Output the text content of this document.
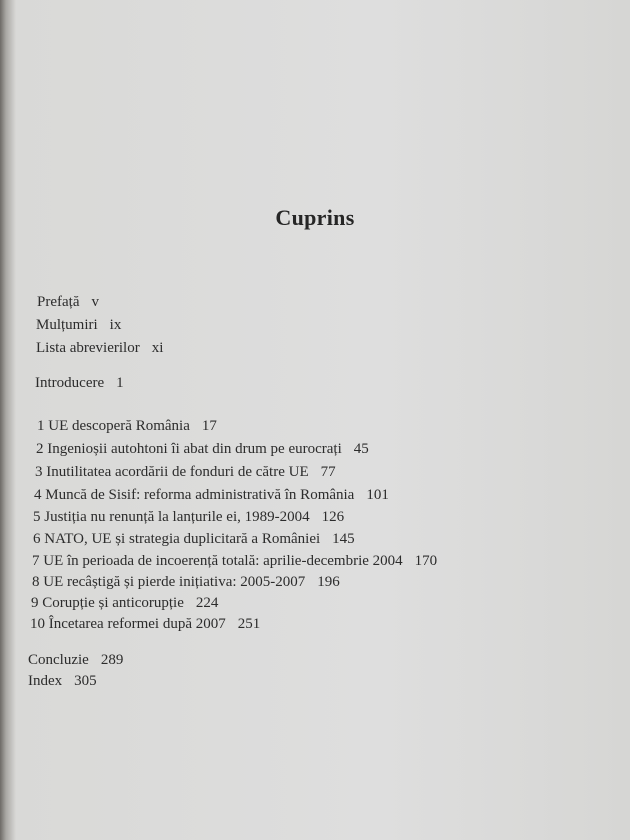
Cuprins
Prefață v
Mulțumiri ix
Lista abrevierilor xi
Introducere 1
1 UE descoperă România 17
2 Ingenioșii autohtoni îi abat din drum pe eurocrați 45
3 Inutilitatea acordării de fonduri de către UE 77
4 Muncă de Sisif: reforma administrativă în România 101
5 Justiția nu renunță la lanțurile ei, 1989-2004 126
6 NATO, UE și strategia duplicitară a României 145
7 UE în perioada de incoerență totală: aprilie-decembrie 2004 170
8 UE recâștigă și pierde inițiativa: 2005-2007 196
9 Corupție și anticorupție 224
10 Încetarea reformei după 2007 251
Concluzie 289
Index 305
